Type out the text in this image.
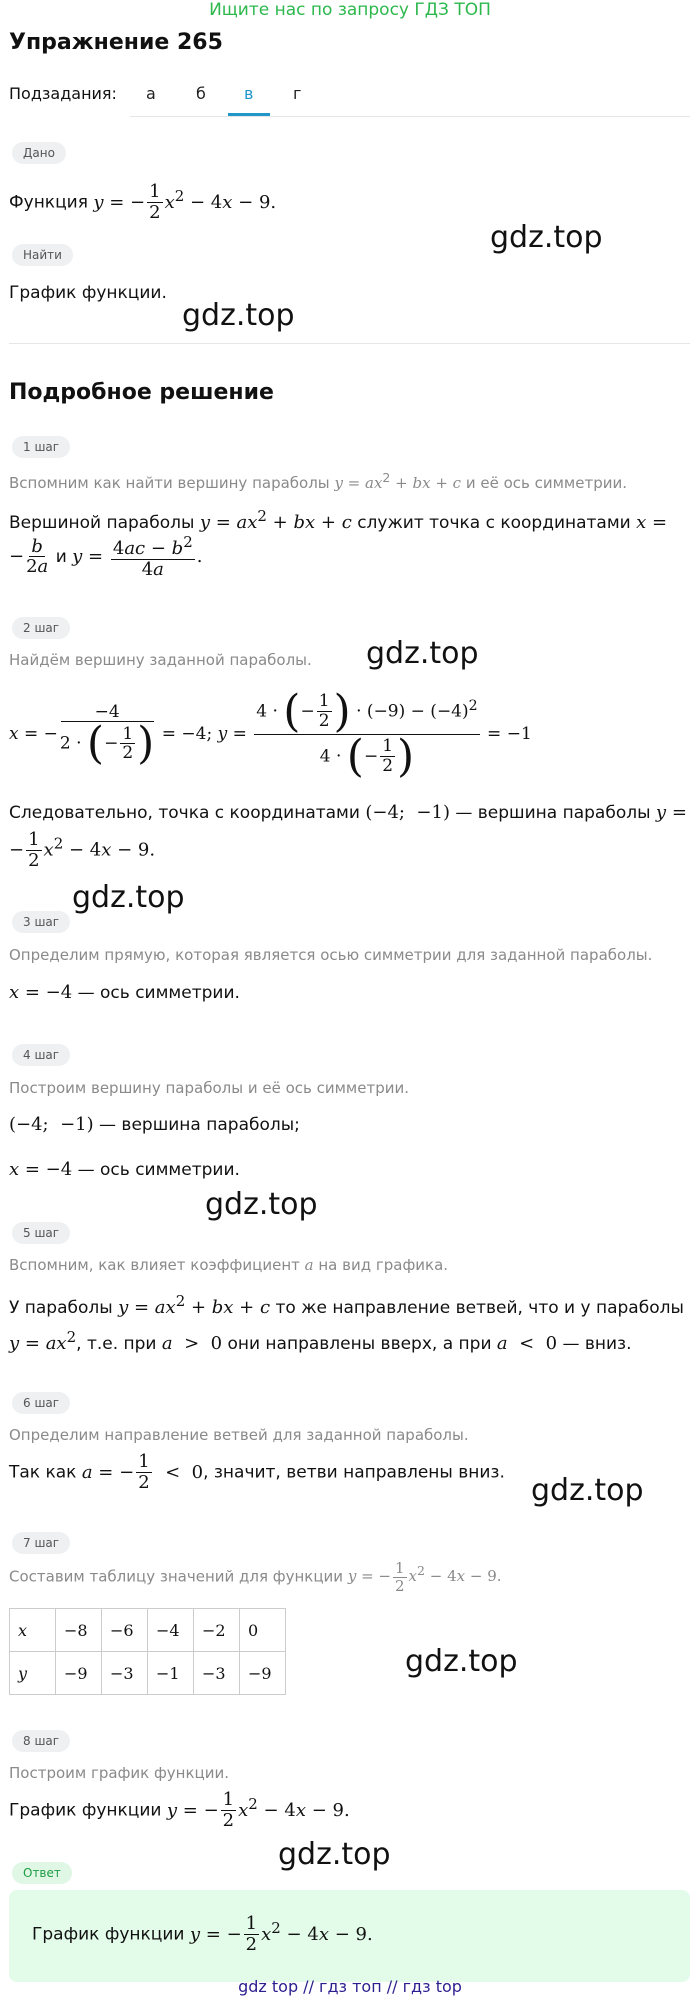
Ищите нас по запросу ГДЗ ТОП
Упражнение 265
Подзадания: а	б в г
Дано
Функция y = − $\frac{1}{2} x^2 - 4x - 9$.
Найти
График функции.
Подробное решение
1 шаг
Вспомним как найти вершину параболы $y = ax^2$ + bx + c и её ось симметрии.
Вершиной параболы $y = ax^2$ + bx + c служит точка с координатами x =
− $\frac{b}{2a}$ и $y = \frac{4ac - b^2}{4a}$ .
2 шаг
Найдём вершину заданной параболы.
x = − $\frac{-4}{2 \cdot (- \frac{1}{2} )} = -4$; $y = \frac{4 \cdot (- \frac{1}{2} ) \cdot (-9) - (-4)^2}{4 \cdot (- \frac{1}{2} )} = -1$
Следовательно, точка с координатами (−4;  −1) — вершина параболы y =
− $\frac{1}{2} x^2 - 4x - 9$.
3 шаг
Определим прямую, которая является осью симметрии для заданной параболы.
x = −4 — ось симметрии.
4 шаг
Построим вершину параболы и её ось симметрии.
(−4;  −1) — вершина параболы;
x = −4 — ось симметрии.
5 шаг
Вспомним, как влияет коэффициент a на вид графика.
У параболы $y = ax^2$ + bx + c то же направление ветвей, что и у параболы
$y = ax^2$, т.е. при a  >  0 они направлены вверх, а при a  <  0 — вниз.
6 шаг
Определим направление ветвей для заданной параболы.
Так как a = − $\frac{1}{2} < 0$, значит, ветви направлены вниз.
7 шаг
Составим таблицу значений для функции y = − $\frac{1}{2} x^2 - 4x - 9$.
x	−8	−6	−4	−2	0
y	−9	−3	−1	−3	−9
8 шаг
Построим график функции.
График функции y = − $\frac{1}{2} x^2 - 4x - 9$.
Ответ
График функции y = − $\frac{1}{2} x^2 - 4x - 9$.
gdz.top
gdz.top
gdz.top
gdz.top
gdz.top
gdz.top
gdz.top
gdz.top
gdz top // гдз топ // гдз top
